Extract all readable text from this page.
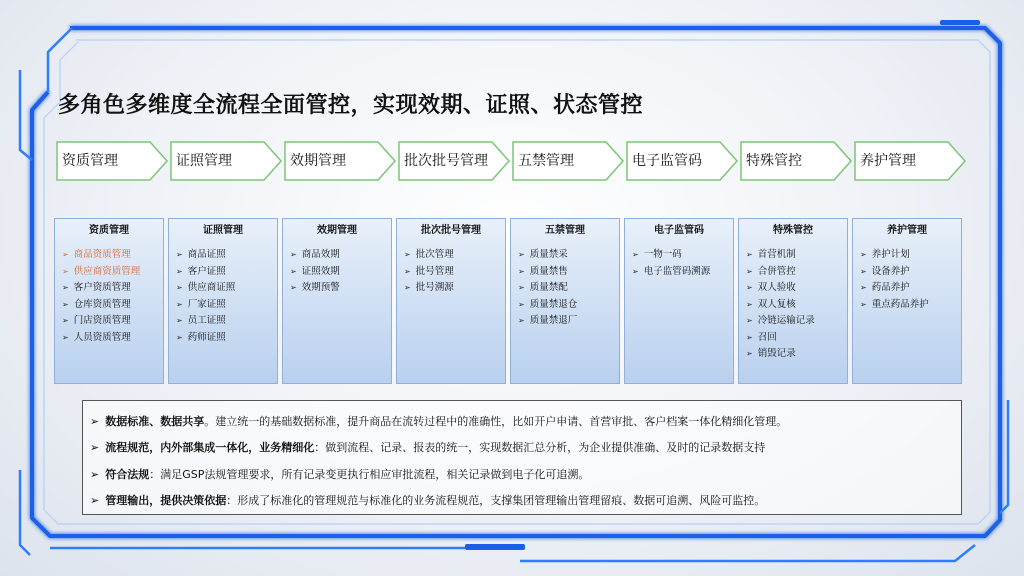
多角色多维度全流程全面管控，实现效期、证照、状态管控
资质管理	证照管理	效期管理	批次批号管理 五禁管理	电子监管码	特殊管控	养护管理
资质管理
➢ 商品资质管理
➢ 供应商资质管理
➢ 客户资质管理
➢ 仓库资质管理
➢ 门店资质管理
➢ 人员资质管理
证照管理
➢ 商品证照
➢ 客户证照
➢ 供应商证照
➢ 厂家证照
➢ 员工证照
➢ 药师证照
效期管理
➢ 商品效期
➢ 证照效期
➢ 效期预警
批次批号管理
➢ 批次管理
➢ 批号管理
➢ 批号溯源
五禁管理
➢ 质量禁采
➢ 质量禁售
➢ 质量禁配
➢ 质量禁退仓
➢ 质量禁退厂
电子监管码
➢ 一物一码
➢ 电子监管码溯源
特殊管控
➢ 首营机制
➢ 合併管控
➢ 双人验收
➢ 双人复核
➢ 冷链运输记录
➢ 召回
➢ 销毁记录
养护管理
➢ 养护计划
➢ 设备养护
➢ 药品养护
➢ 重点药品养护
➢ 数据标准、数据共享。建立统一的基础数据标准，提升商品在流转过程中的准确性，比如开户申请、首营审批、客户档案一体化精细化管理。
➢ 流程规范，内外部集成一体化，业务精细化：做到流程、记录、报表的统一，实现数据汇总分析，为企业提供准确、及时的记录数据支持
➢ 符合法规：满足GSP法规管理要求，所有记录变更执行相应审批流程，相关记录做到电子化可追溯。
➢ 管理输出，提供决策依据：形成了标准化的管理规范与标准化的业务流程规范，支撑集团管理输出管理留痕、数据可追溯、风险可监控。
